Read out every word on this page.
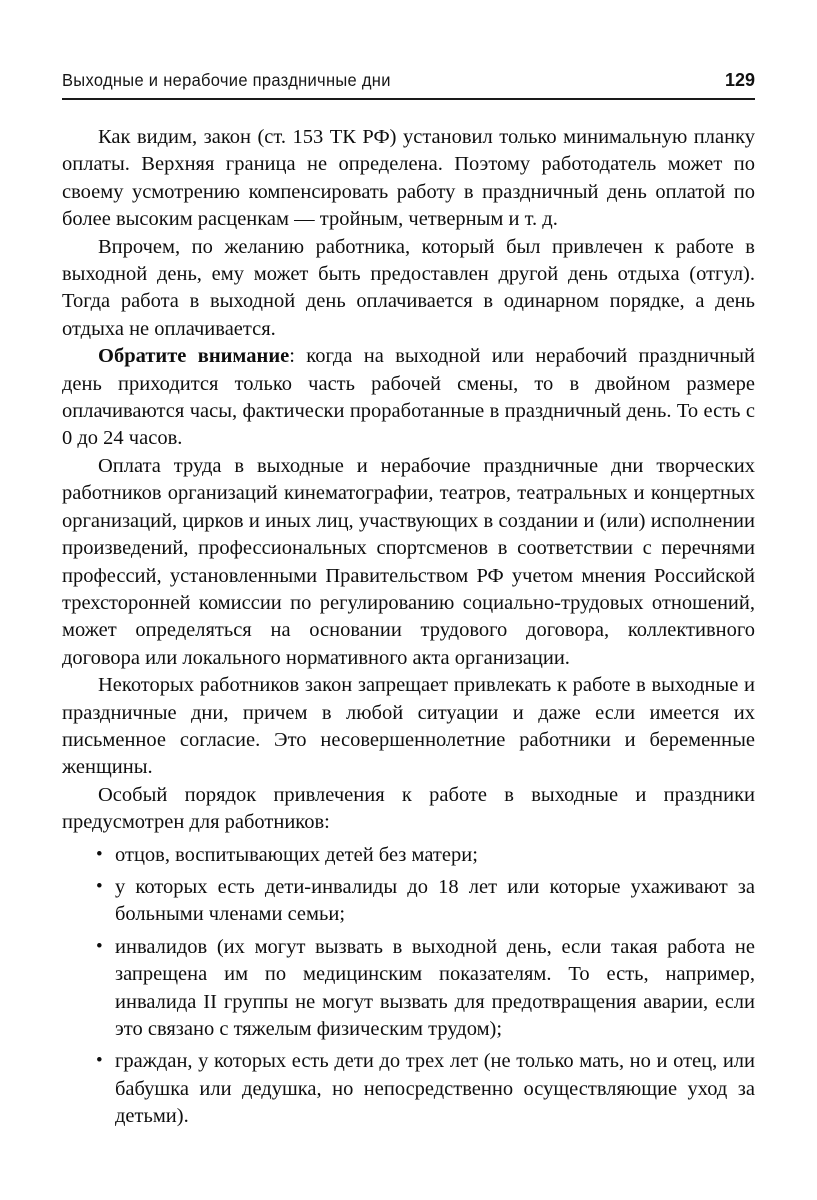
Выходные и нерабочие праздничные дни	129

Как видим, закон (ст. 153 ТК РФ) установил только минимальную планку оплаты. Верхняя граница не определена. Поэтому работодатель может по своему усмотрению компенсировать работу в праздничный день оплатой по более высоким расценкам — тройным, четверным и т. д.

Впрочем, по желанию работника, который был привлечен к работе в выходной день, ему может быть предоставлен другой день отдыха (отгул). Тогда работа в выходной день оплачивается в одинарном порядке, а день отдыха не оплачивается.

Обратите внимание: когда на выходной или нерабочий праздничный день приходится только часть рабочей смены, то в двойном размере оплачиваются часы, фактически проработанные в праздничный день. То есть с 0 до 24 часов.

Оплата труда в выходные и нерабочие праздничные дни творческих работников организаций кинематографии, театров, театральных и концертных организаций, цирков и иных лиц, участвующих в создании и (или) исполнении произведений, профессиональных спортсменов в соответствии с перечнями профессий, установленными Правительством РФ учетом мнения Российской трехсторонней комиссии по регулированию социально-трудовых отношений, может определяться на основании трудового договора, коллективного договора или локального нормативного акта организации.

Некоторых работников закон запрещает привлекать к работе в выходные и праздничные дни, причем в любой ситуации и даже если имеется их письменное согласие. Это несовершеннолетние работники и беременные женщины.

Особый порядок привлечения к работе в выходные и праздники предусмотрен для работников:

• отцов, воспитывающих детей без матери;
• у которых есть дети-инвалиды до 18 лет или которые ухаживают за больными членами семьи;
• инвалидов (их могут вызвать в выходной день, если такая работа не запрещена им по медицинским показателям. То есть, например, инвалида II группы не могут вызвать для предотвращения аварии, если это связано с тяжелым физическим трудом);
• граждан, у которых есть дети до трех лет (не только мать, но и отец, или бабушка или дедушка, но непосредственно осуществляющие уход за детьми).
